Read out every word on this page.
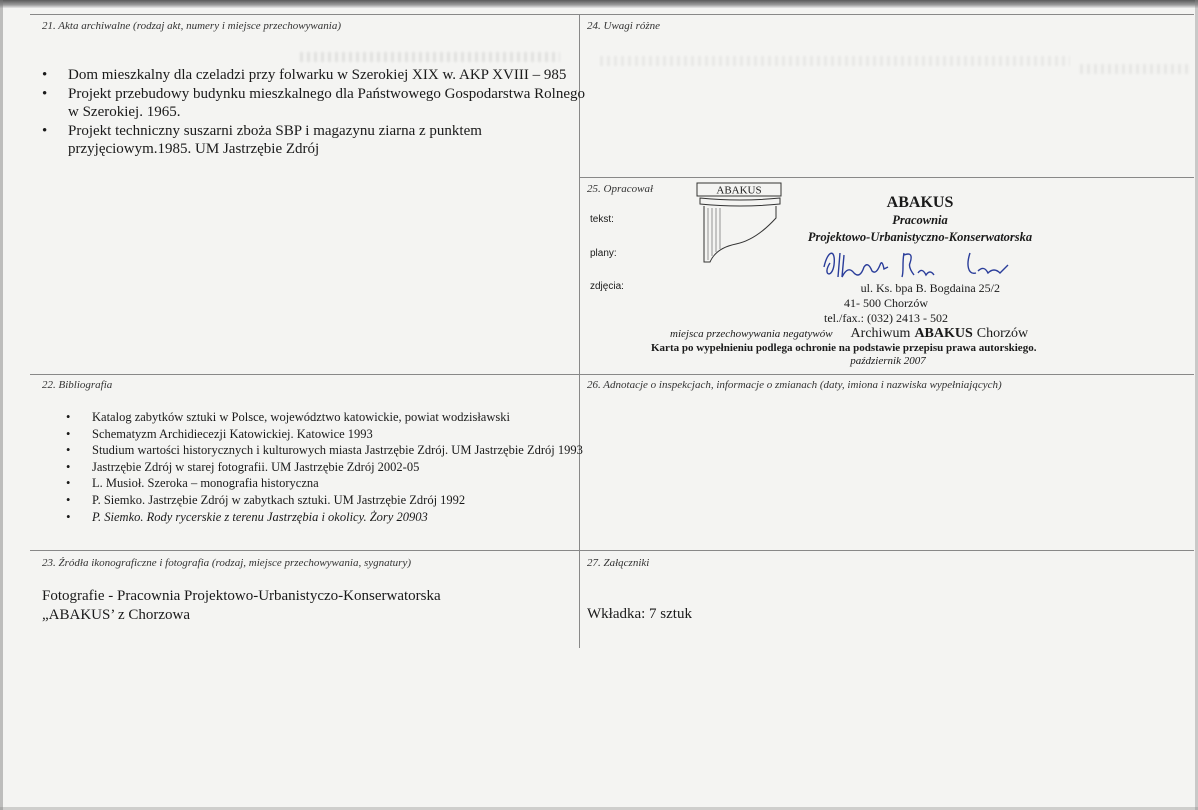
21. Akta archiwalne (rodzaj akt, numery i miejsce przechowywania)
• Dom mieszkalny dla czeladzi przy folwarku w Szerokiej XIX w. AKP XVIII – 985
• Projekt przebudowy budynku mieszkalnego dla Państwowego Gospodarstwa Rolnego w Szerokiej. 1965.
• Projekt techniczny suszarni zboża SBP i magazynu ziarna z punktem przyjęciowym.1985. UM Jastrzębie Zdrój
24. Uwagi różne
25. Opracował
tekst:
plany:
zdjęcia:
ABAKUS
ABAKUS
Pracownia
Projektowo-Urbanistyczno-Konserwatorska
ul. Ks. bpa B. Bogdaina 25/2
41- 500 Chorzów
tel./fax.: (032) 2413 - 502
miejsca przechowywania negatywów Archiwum ABAKUS Chorzów
Karta po wypełnieniu podlega ochronie na podstawie przepisu prawa autorskiego.
październik 2007
22. Bibliografia
• Katalog zabytków sztuki w Polsce, województwo katowickie, powiat wodzisławski
• Schematyzm Archidiecezji Katowickiej. Katowice 1993
• Studium wartości historycznych i kulturowych miasta Jastrzębie Zdrój. UM Jastrzębie Zdrój 1993
• Jastrzębie Zdrój w starej fotografii. UM Jastrzębie Zdrój 2002-05
• L. Musioł. Szeroka – monografia historyczna
• P. Siemko. Jastrzębie Zdrój w zabytkach sztuki. UM Jastrzębie Zdrój 1992
• P. Siemko. Rody rycerskie z terenu Jastrzębia i okolicy. Żory 20903
26. Adnotacje o inspekcjach, informacje o zmianach (daty, imiona i nazwiska wypełniających)
23. Źródła ikonograficzne i fotografia (rodzaj, miejsce przechowywania, sygnatury)
Fotografie - Pracownia Projektowo-Urbanistyczo-Konserwatorska
„ABAKUS’ z Chorzowa
27. Załączniki
Wkładka: 7 sztuk
